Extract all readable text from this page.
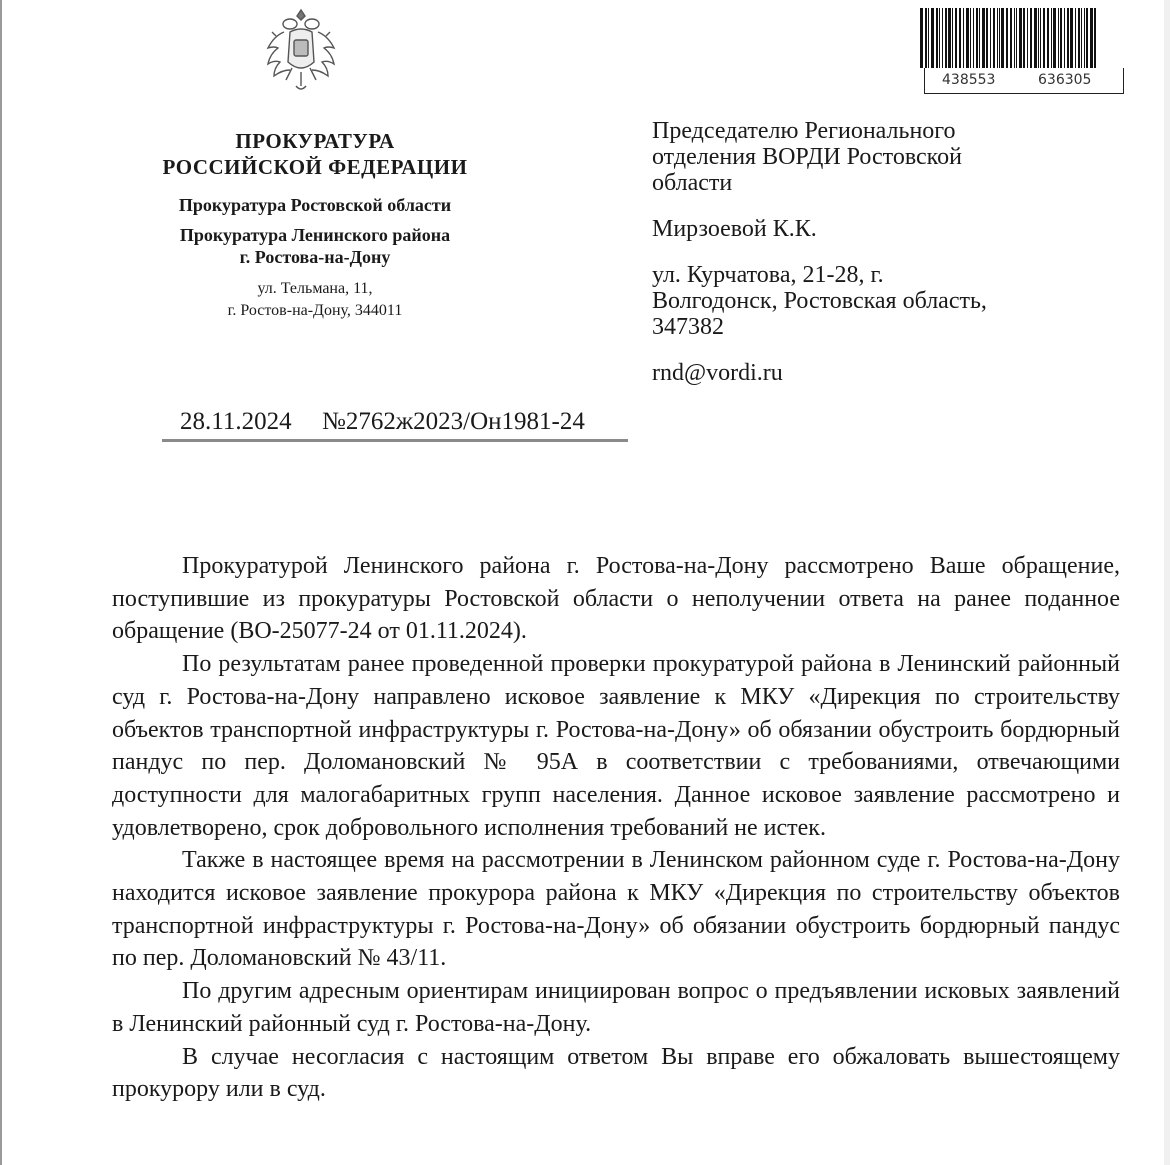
ПРОКУРАТУРА
РОССИЙСКОЙ ФЕДЕРАЦИИ
Прокуратура Ростовской области
Прокуратура Ленинского района
г. Ростова-на-Дону
ул. Тельмана, 11,
г. Ростов-на-Дону, 344011
28.11.2024 №2762ж2023/Он1981-24
438553	636305
Председателю Регионального
отделения ВОРДИ Ростовской
области
Мирзоевой К.К.
ул. Курчатова, 21-28, г.
Волгодонск, Ростовская область,
347382
rnd@vordi.ru

Прокуратурой Ленинского района г. Ростова-на-Дону рассмотрено Ваше обращение, поступившие из прокуратуры Ростовской области о неполучении ответа на ранее поданное обращение (ВО-25077-24 от 01.11.2024).

По результатам ранее проведенной проверки прокуратурой района в Ленинский районный суд г. Ростова-на-Дону направлено исковое заявление к МКУ «Дирекция по строительству объектов транспортной инфраструктуры г. Ростова-на-Дону» об обязании обустроить бордюрный пандус по пер. Доломановский № 95А в соответствии с требованиями, отвечающими доступности для малогабаритных групп населения. Данное исковое заявление рассмотрено и удовлетворено, срок добровольного исполнения требований не истек.

Также в настоящее время на рассмотрении в Ленинском районном суде г. Ростова-на-Дону находится исковое заявление прокурора района к МКУ «Дирекция по строительству объектов транспортной инфраструктуры г. Ростова-на-Дону» об обязании обустроить бордюрный пандус по пер. Доломановский № 43/11.

По другим адресным ориентирам инициирован вопрос о предъявлении исковых заявлений в Ленинский районный суд г. Ростова-на-Дону.

В случае несогласия с настоящим ответом Вы вправе его обжаловать вышестоящему прокурору или в суд.
